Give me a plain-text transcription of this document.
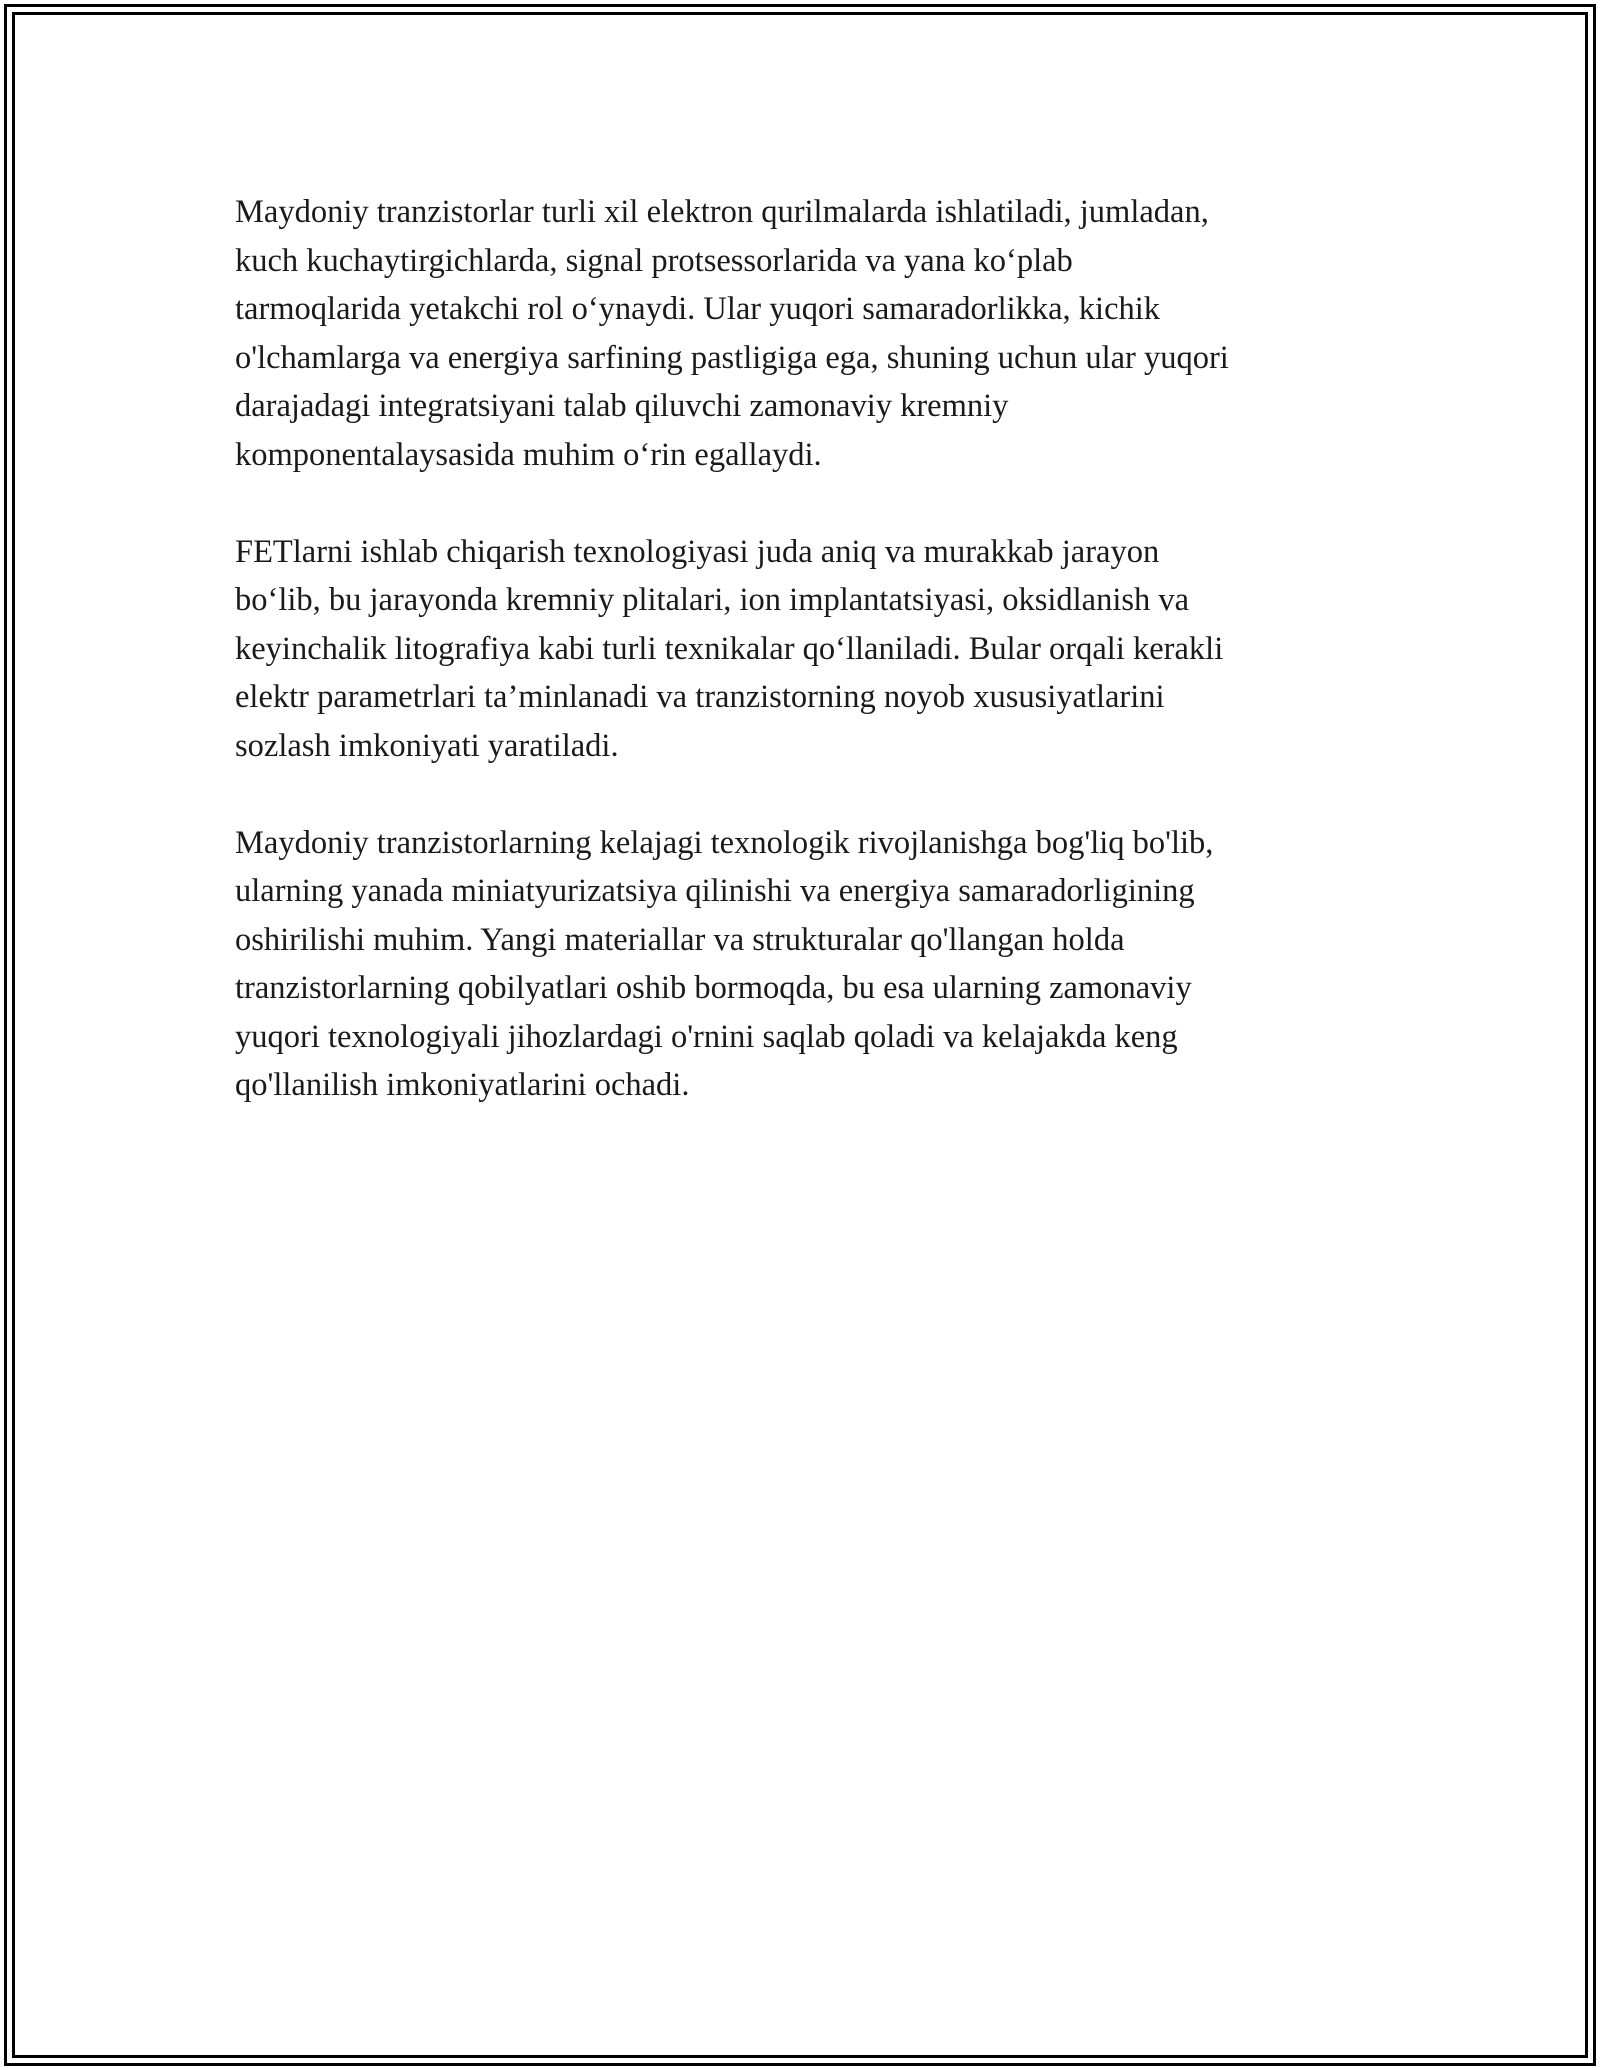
Maydoniy tranzistorlar turli xil elektron qurilmalarda ishlatiladi, jumladan,
kuch kuchaytirgichlarda, signal protsessorlarida va yana ko‘plab
tarmoqlarida yetakchi rol o‘ynaydi. Ular yuqori samaradorlikka, kichik
o'lchamlarga va energiya sarfining pastligiga ega, shuning uchun ular yuqori
darajadagi integratsiyani talab qiluvchi zamonaviy kremniy
komponentalaysasida muhim o‘rin egallaydi.

FETlarni ishlab chiqarish texnologiyasi juda aniq va murakkab jarayon
bo‘lib, bu jarayonda kremniy plitalari, ion implantatsiyasi, oksidlanish va
keyinchalik litografiya kabi turli texnikalar qo‘llaniladi. Bular orqali kerakli
elektr parametrlari ta’minlanadi va tranzistorning noyob xususiyatlarini
sozlash imkoniyati yaratiladi.

Maydoniy tranzistorlarning kelajagi texnologik rivojlanishga bog'liq bo'lib,
ularning yanada miniatyurizatsiya qilinishi va energiya samaradorligining
oshirilishi muhim. Yangi materiallar va strukturalar qo'llangan holda
tranzistorlarning qobilyatlari oshib bormoqda, bu esa ularning zamonaviy
yuqori texnologiyali jihozlardagi o'rnini saqlab qoladi va kelajakda keng
qo'llanilish imkoniyatlarini ochadi.
